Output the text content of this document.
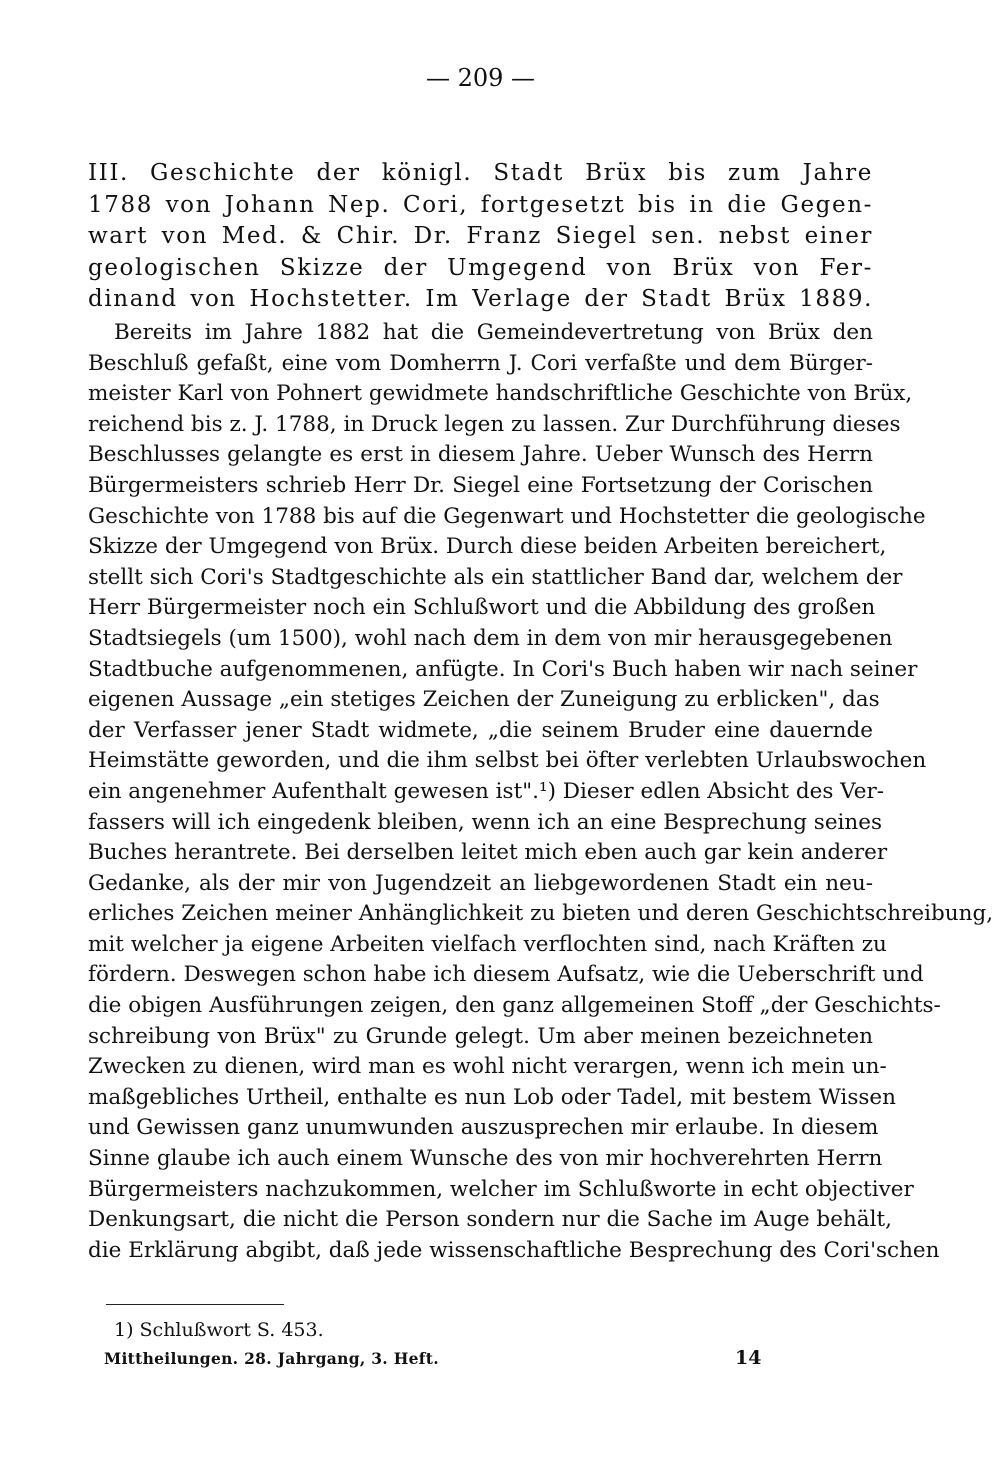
— 209 —
III. Geschichte der königl. Stadt Brüx bis zum Jahre
1788 von Johann Nep. Cori, fortgesetzt bis in die Gegen-
wart von Med. & Chir. Dr. Franz Siegel sen. nebst einer
geologischen Skizze der Umgegend von Brüx von Fer-
dinand von Hochstetter. Im Verlage der Stadt Brüx 1889.
Bereits im Jahre 1882 hat die Gemeindevertretung von Brüx den
Beschluß gefaßt, eine vom Domherrn J. Cori verfaßte und dem Bürger-
meister Karl von Pohnert gewidmete handschriftliche Geschichte von Brüx,
reichend bis z. J. 1788, in Druck legen zu lassen. Zur Durchführung dieses
Beschlusses gelangte es erst in diesem Jahre. Ueber Wunsch des Herrn
Bürgermeisters schrieb Herr Dr. Siegel eine Fortsetzung der Corischen
Geschichte von 1788 bis auf die Gegenwart und Hochstetter die geologische
Skizze der Umgegend von Brüx. Durch diese beiden Arbeiten bereichert,
stellt sich Cori's Stadtgeschichte als ein stattlicher Band dar, welchem der
Herr Bürgermeister noch ein Schlußwort und die Abbildung des großen
Stadtsiegels (um 1500), wohl nach dem in dem von mir herausgegebenen
Stadtbuche aufgenommenen, anfügte. In Cori's Buch haben wir nach seiner
eigenen Aussage „ein stetiges Zeichen der Zuneigung zu erblicken", das
der Verfasser jener Stadt widmete, „die seinem Bruder eine dauernde
Heimstätte geworden, und die ihm selbst bei öfter verlebten Urlaubswochen
ein angenehmer Aufenthalt gewesen ist".¹) Dieser edlen Absicht des Ver-
fassers will ich eingedenk bleiben, wenn ich an eine Besprechung seines
Buches herantrete. Bei derselben leitet mich eben auch gar kein anderer
Gedanke, als der mir von Jugendzeit an liebgewordenen Stadt ein neu-
erliches Zeichen meiner Anhänglichkeit zu bieten und deren Geschichtschreibung,
mit welcher ja eigene Arbeiten vielfach verflochten sind, nach Kräften zu
fördern. Deswegen schon habe ich diesem Aufsatz, wie die Ueberschrift und
die obigen Ausführungen zeigen, den ganz allgemeinen Stoff „der Geschichts-
schreibung von Brüx" zu Grunde gelegt. Um aber meinen bezeichneten
Zwecken zu dienen, wird man es wohl nicht verargen, wenn ich mein un-
maßgebliches Urtheil, enthalte es nun Lob oder Tadel, mit bestem Wissen
und Gewissen ganz unumwunden auszusprechen mir erlaube. In diesem
Sinne glaube ich auch einem Wunsche des von mir hochverehrten Herrn
Bürgermeisters nachzukommen, welcher im Schlußworte in echt objectiver
Denkungsart, die nicht die Person sondern nur die Sache im Auge behält,
die Erklärung abgibt, daß jede wissenschaftliche Besprechung des Cori'schen
1) Schlußwort S. 453.
Mittheilungen. 28. Jahrgang, 3. Heft.	14
